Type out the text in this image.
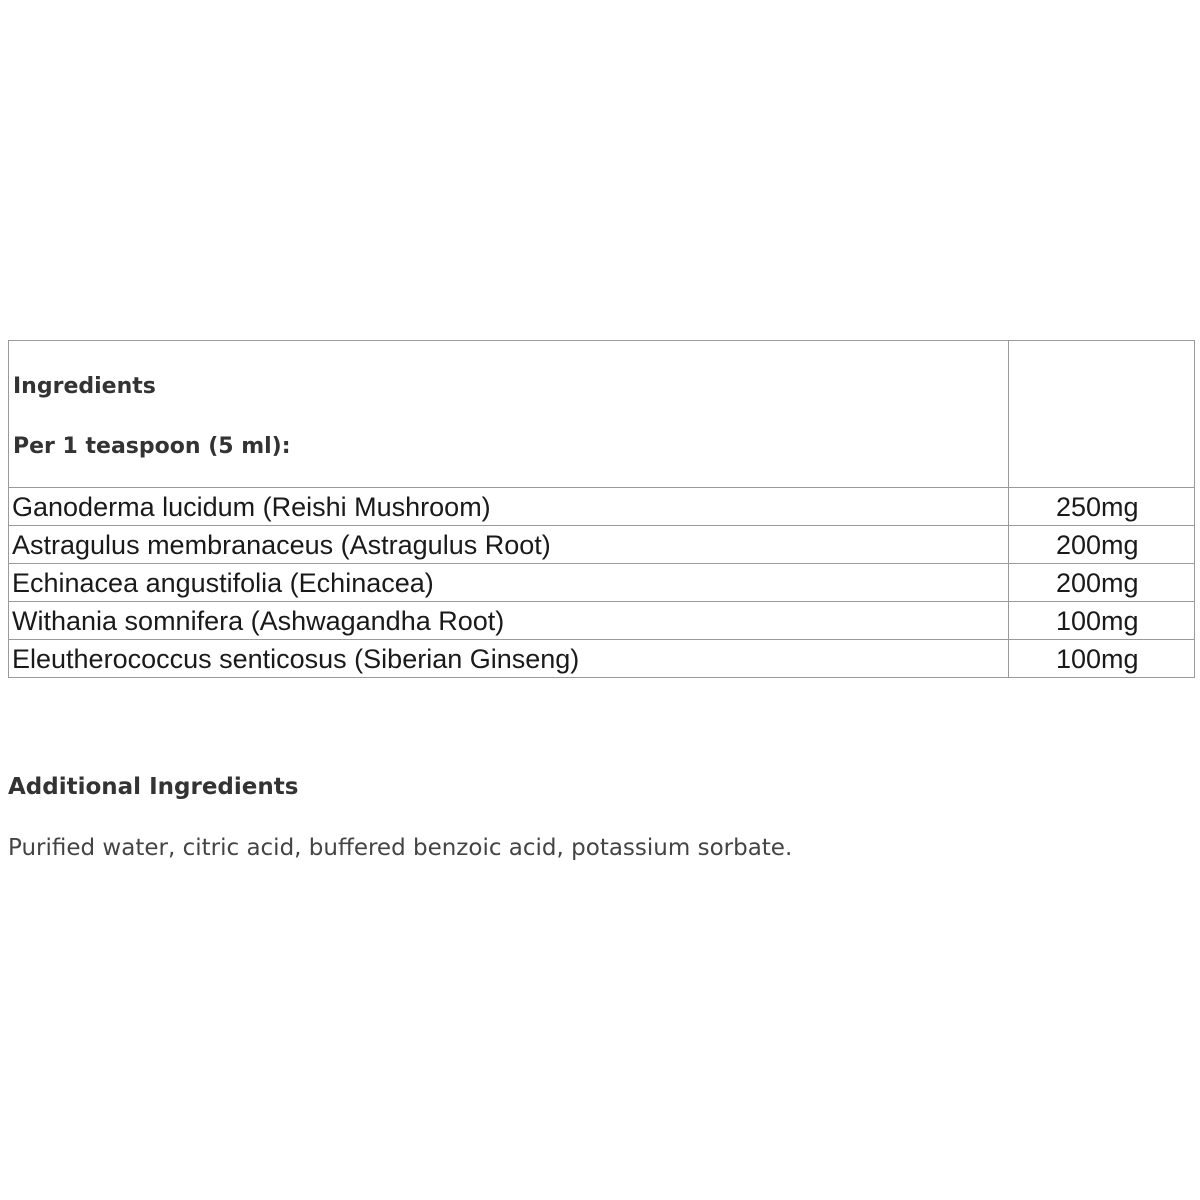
Ingredients
Per 1 teaspoon (5 ml):	

Ganoderma lucidum (Reishi Mushroom)	250mg
Astragulus membranaceus (Astragulus Root)	200mg
Echinacea angustifolia (Echinacea)	200mg
Withania somnifera (Ashwagandha Root)	100mg
Eleutherococcus senticosus (Siberian Ginseng)	100mg
Additional Ingredients

Purified water, citric acid, buffered benzoic acid, potassium sorbate.
